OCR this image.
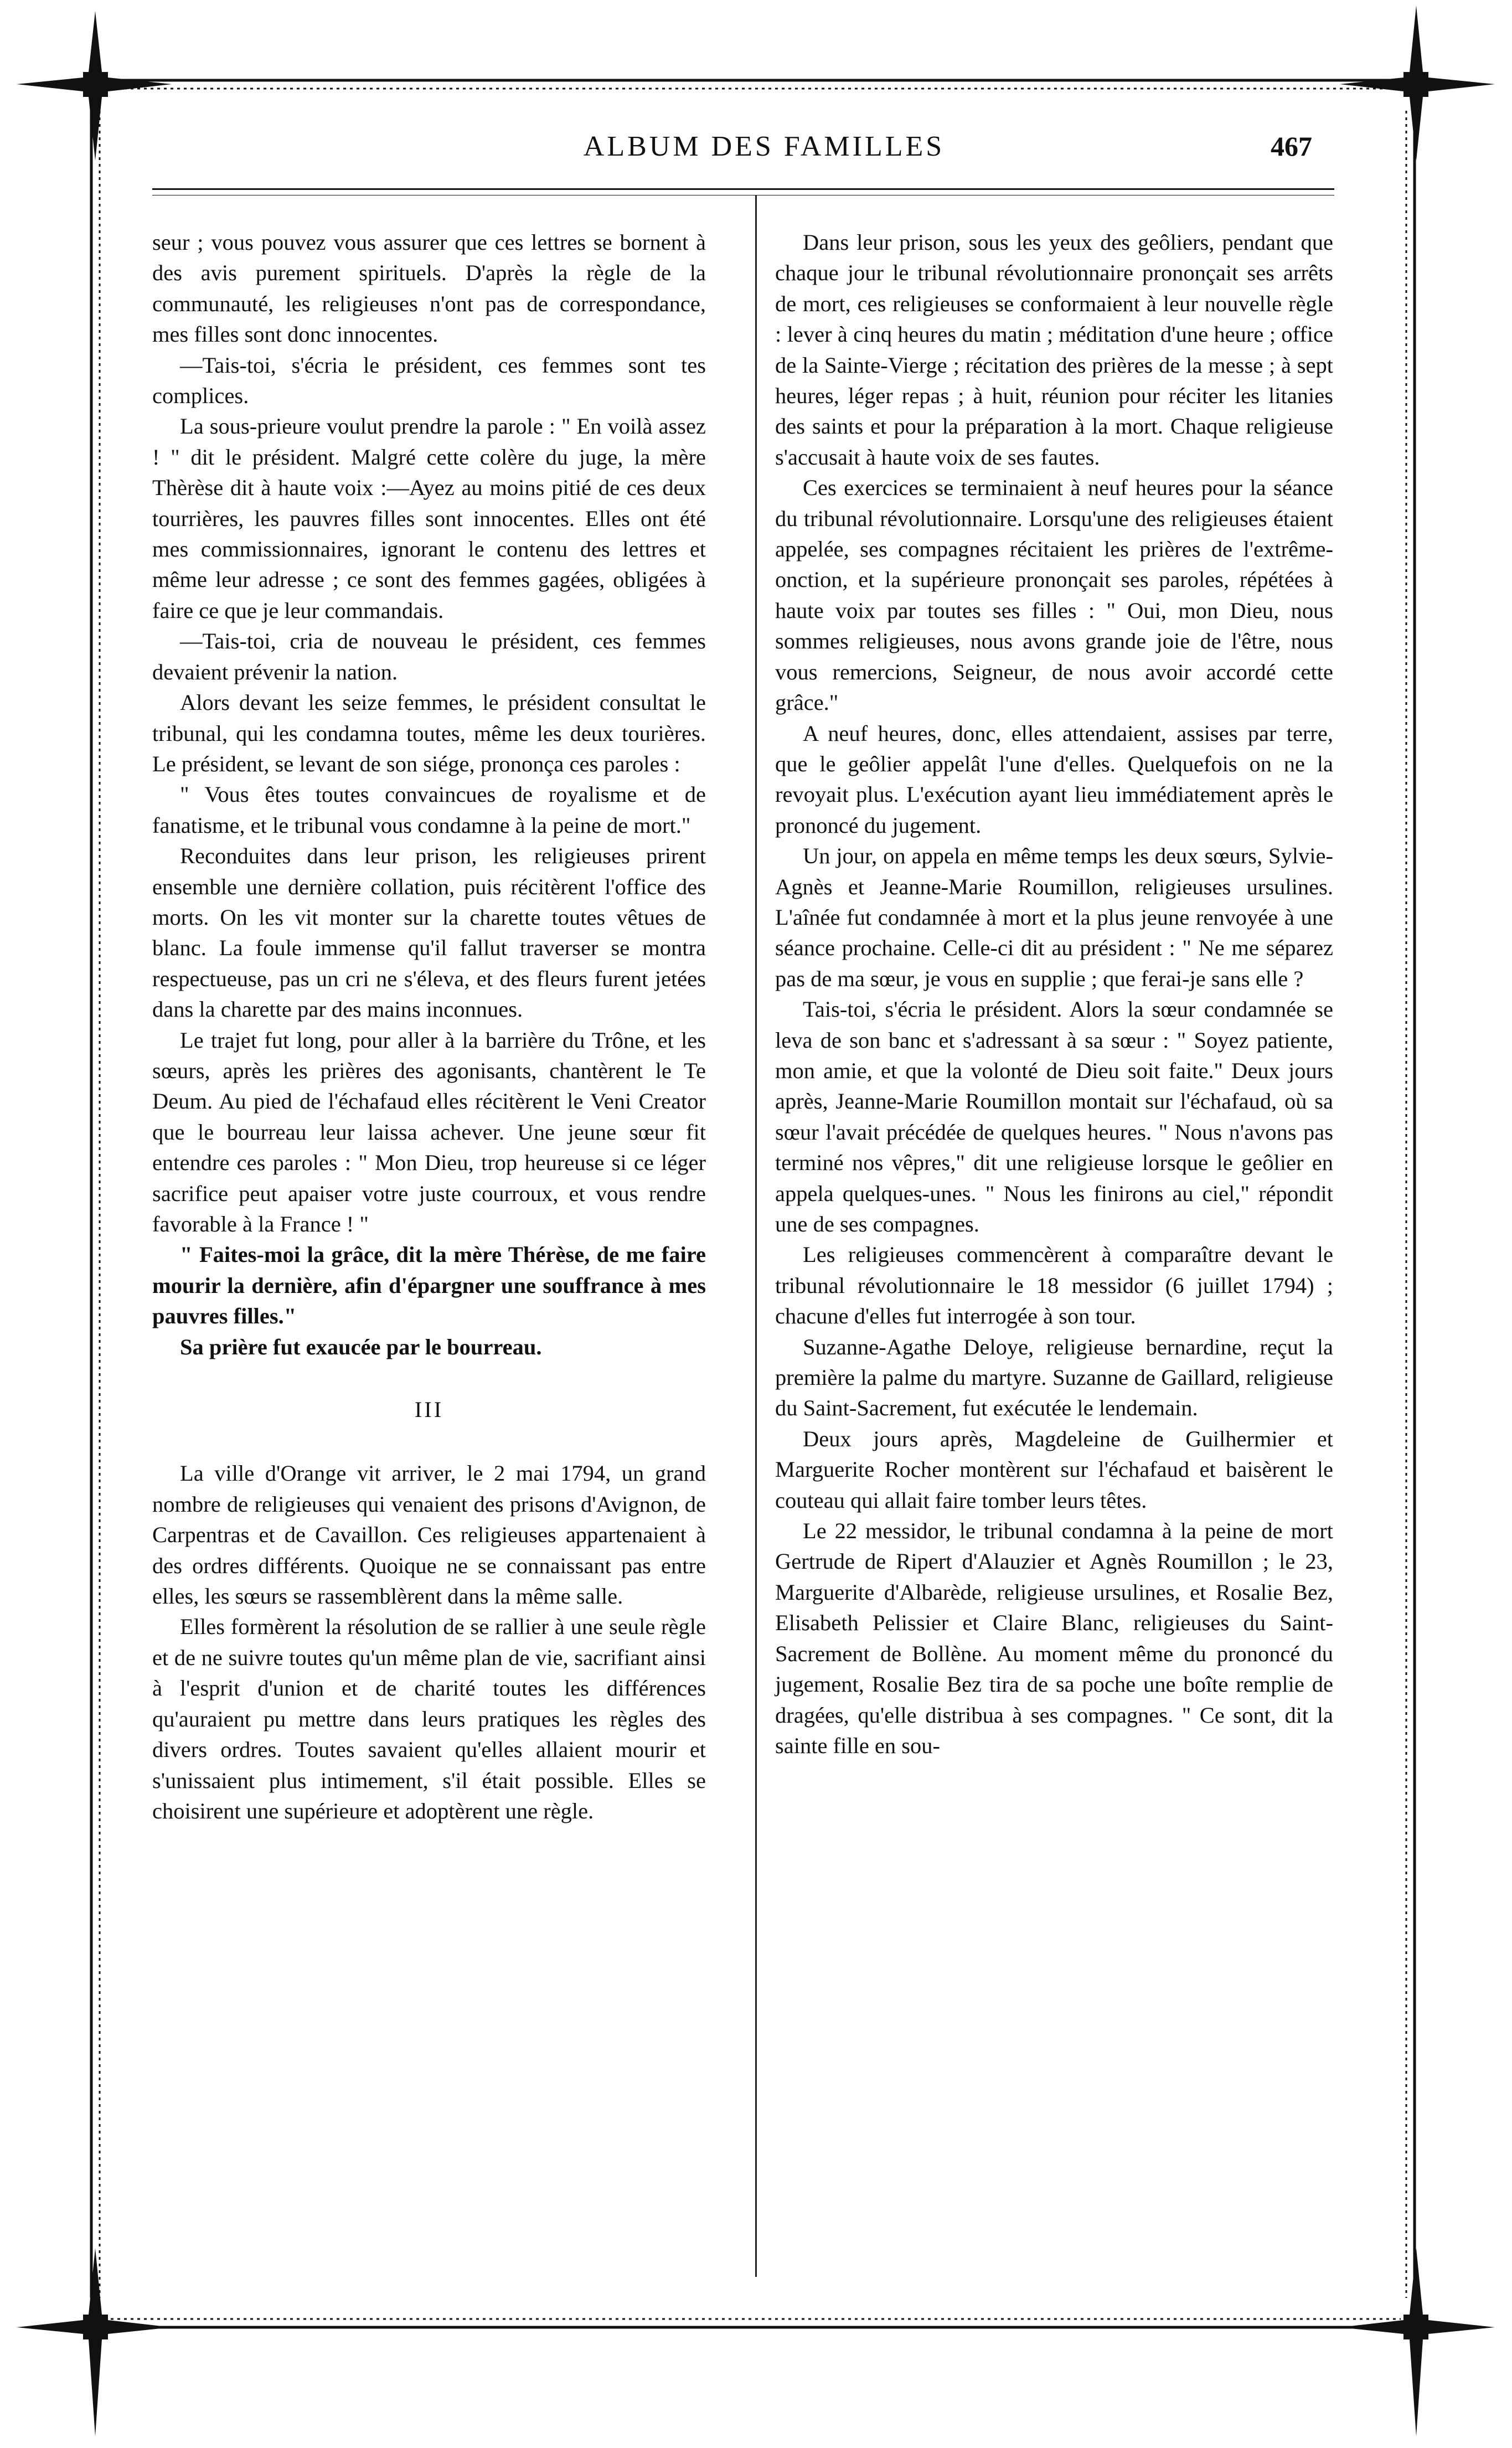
ALBUM DES FAMILLES	467

seur ; vous pouvez vous assurer que ces lettres se bornent à des avis purement spirituels. D'après la règle de la communauté, les religieuses n'ont pas de correspondance, mes filles sont donc innocentes.

—Tais-toi, s'écria le président, ces femmes sont tes complices.

La sous-prieure voulut prendre la parole : " En voilà assez ! " dit le président. Malgré cette colère du juge, la mère Thèrèse dit à haute voix :—Ayez au moins pitié de ces deux tourrières, les pauvres filles sont innocentes. Elles ont été mes commissionnaires, ignorant le contenu des lettres et même leur adresse ; ce sont des femmes gagées, obligées à faire ce que je leur commandais.

—Tais-toi, cria de nouveau le président, ces femmes devaient prévenir la nation.

Alors devant les seize femmes, le président consultat le tribunal, qui les condamna toutes, même les deux tourières. Le président, se levant de son siége, prononça ces paroles :

" Vous êtes toutes convaincues de royalisme et de fanatisme, et le tribunal vous condamne à la peine de mort."

Reconduites dans leur prison, les religieuses prirent ensemble une dernière collation, puis récitèrent l'office des morts. On les vit monter sur la charette toutes vêtues de blanc. La foule immense qu'il fallut traverser se montra respectueuse, pas un cri ne s'éleva, et des fleurs furent jetées dans la charette par des mains inconnues.

Le trajet fut long, pour aller à la barrière du Trône, et les sœurs, après les prières des agonisants, chantèrent le Te Deum. Au pied de l'échafaud elles récitèrent le Veni Creator que le bourreau leur laissa achever. Une jeune sœur fit entendre ces paroles : " Mon Dieu, trop heureuse si ce léger sacrifice peut apaiser votre juste courroux, et vous rendre favorable à la France ! "

" Faites-moi la grâce, dit la mère Thérèse, de me faire mourir la dernière, afin d'épargner une souffrance à mes pauvres filles."

Sa prière fut exaucée par le bourreau.

III

La ville d'Orange vit arriver, le 2 mai 1794, un grand nombre de religieuses qui venaient des prisons d'Avignon, de Carpentras et de Cavaillon. Ces religieuses appartenaient à des ordres différents. Quoique ne se connaissant pas entre elles, les sœurs se rassemblèrent dans la même salle.

Elles formèrent la résolution de se rallier à une seule règle et de ne suivre toutes qu'un même plan de vie, sacrifiant ainsi à l'esprit d'union et de charité toutes les différences qu'auraient pu mettre dans leurs pratiques les règles des divers ordres. Toutes savaient qu'elles allaient mourir et s'unissaient plus intimement, s'il était possible. Elles se choisirent une supérieure et adoptèrent une règle.

Dans leur prison, sous les yeux des geôliers, pendant que chaque jour le tribunal révolutionnaire prononçait ses arrêts de mort, ces religieuses se conformaient à leur nouvelle règle : lever à cinq heures du matin ; méditation d'une heure ; office de la Sainte-Vierge ; récitation des prières de la messe ; à sept heures, léger repas ; à huit, réunion pour réciter les litanies des saints et pour la préparation à la mort. Chaque religieuse s'accusait à haute voix de ses fautes.

Ces exercices se terminaient à neuf heures pour la séance du tribunal révolutionnaire. Lorsqu'une des religieuses étaient appelée, ses compagnes récitaient les prières de l'extrême-onction, et la supérieure prononçait ses paroles, répétées à haute voix par toutes ses filles : " Oui, mon Dieu, nous sommes religieuses, nous avons grande joie de l'être, nous vous remercions, Seigneur, de nous avoir accordé cette grâce."

A neuf heures, donc, elles attendaient, assises par terre, que le geôlier appelât l'une d'elles. Quelquefois on ne la revoyait plus. L'exécution ayant lieu immédiatement après le prononcé du jugement.

Un jour, on appela en même temps les deux sœurs, Sylvie-Agnès et Jeanne-Marie Roumillon, religieuses ursulines. L'aînée fut condamnée à mort et la plus jeune renvoyée à une séance prochaine. Celle-ci dit au président : " Ne me séparez pas de ma sœur, je vous en supplie ; que ferai-je sans elle ?

Tais-toi, s'écria le président. Alors la sœur condamnée se leva de son banc et s'adressant à sa sœur : " Soyez patiente, mon amie, et que la volonté de Dieu soit faite." Deux jours après, Jeanne-Marie Roumillon montait sur l'échafaud, où sa sœur l'avait précédée de quelques heures. " Nous n'avons pas terminé nos vêpres," dit une religieuse lorsque le geôlier en appela quelques-unes. " Nous les finirons au ciel," répondit une de ses compagnes.

Les religieuses commencèrent à comparaître devant le tribunal révolutionnaire le 18 messidor (6 juillet 1794) ; chacune d'elles fut interrogée à son tour.

Suzanne-Agathe Deloye, religieuse bernardine, reçut la première la palme du martyre. Suzanne de Gaillard, religieuse du Saint-Sacrement, fut exécutée le lendemain.

Deux jours après, Magdeleine de Guilhermier et Marguerite Rocher montèrent sur l'échafaud et baisèrent le couteau qui allait faire tomber leurs têtes.

Le 22 messidor, le tribunal condamna à la peine de mort Gertrude de Ripert d'Alauzier et Agnès Roumillon ; le 23, Marguerite d'Albarède, religieuse ursulines, et Rosalie Bez, Elisabeth Pelissier et Claire Blanc, religieuses du Saint-Sacrement de Bollène. Au moment même du prononcé du jugement, Rosalie Bez tira de sa poche une boîte remplie de dragées, qu'elle distribua à ses compagnes. " Ce sont, dit la sainte fille en sou-
